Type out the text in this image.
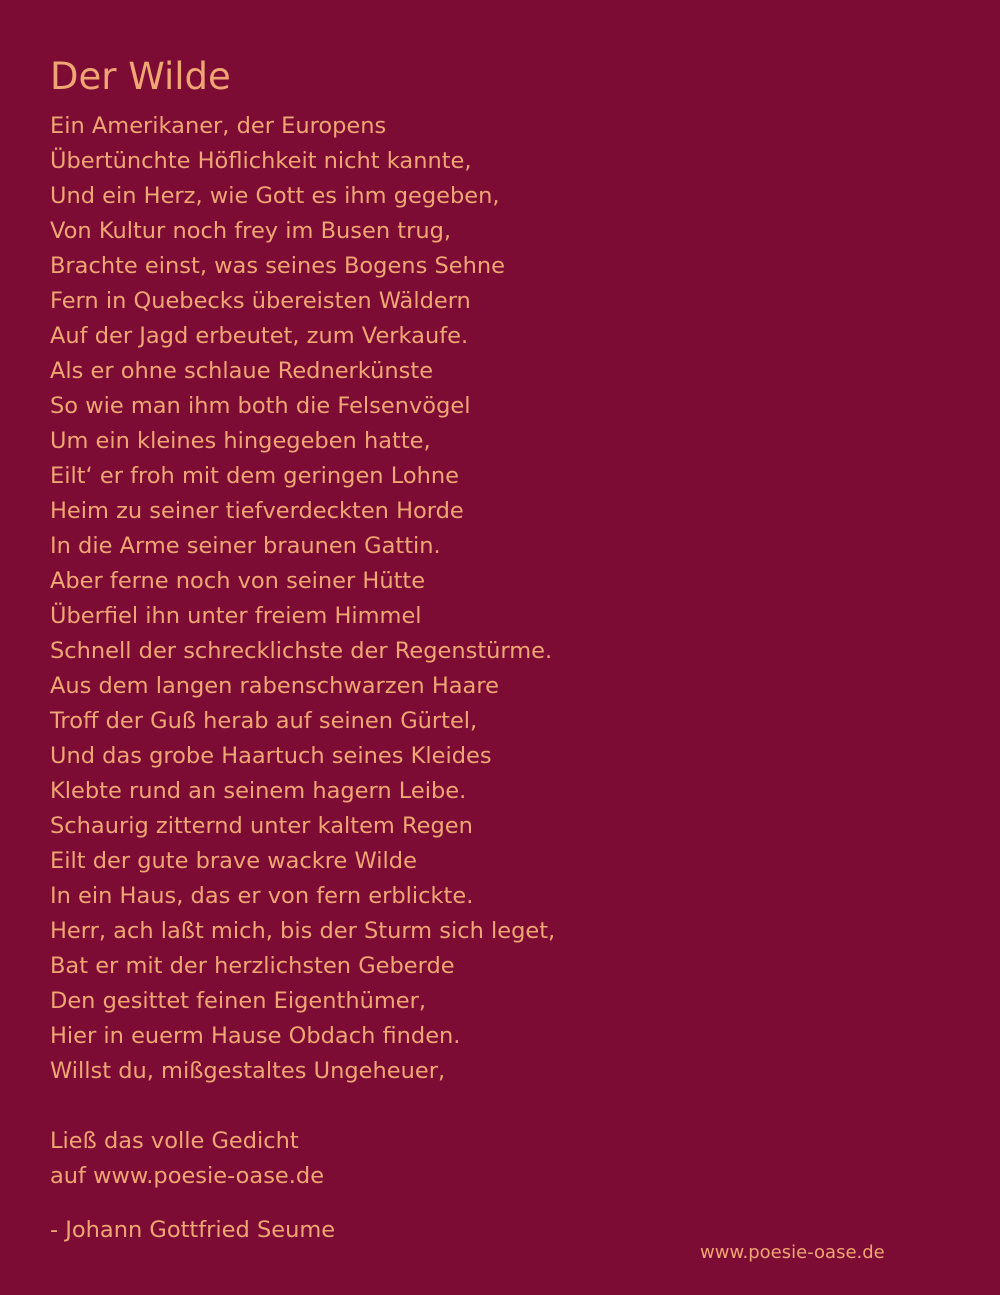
Der Wilde
Ein Amerikaner, der Europens
Übertünchte Höflichkeit nicht kannte,
Und ein Herz, wie Gott es ihm gegeben,
Von Kultur noch frey im Busen trug,
Brachte einst, was seines Bogens Sehne
Fern in Quebecks übereisten Wäldern
Auf der Jagd erbeutet, zum Verkaufe.
Als er ohne schlaue Rednerkünste
So wie man ihm both die Felsenvögel
Um ein kleines hingegeben hatte,
Eilt‘ er froh mit dem geringen Lohne
Heim zu seiner tiefverdeckten Horde
In die Arme seiner braunen Gattin.
Aber ferne noch von seiner Hütte
Überfiel ihn unter freiem Himmel
Schnell der schrecklichste der Regenstürme.
Aus dem langen rabenschwarzen Haare
Troff der Guß herab auf seinen Gürtel,
Und das grobe Haartuch seines Kleides
Klebte rund an seinem hagern Leibe.
Schaurig zitternd unter kaltem Regen
Eilt der gute brave wackre Wilde
In ein Haus, das er von fern erblickte.
Herr, ach laßt mich, bis der Sturm sich leget,
Bat er mit der herzlichsten Geberde
Den gesittet feinen Eigenthümer,
Hier in euerm Hause Obdach finden.
Willst du, mißgestaltes Ungeheuer,
Ließ das volle Gedicht
auf www.poesie-oase.de
- Johann Gottfried Seume
www.poesie-oase.de
